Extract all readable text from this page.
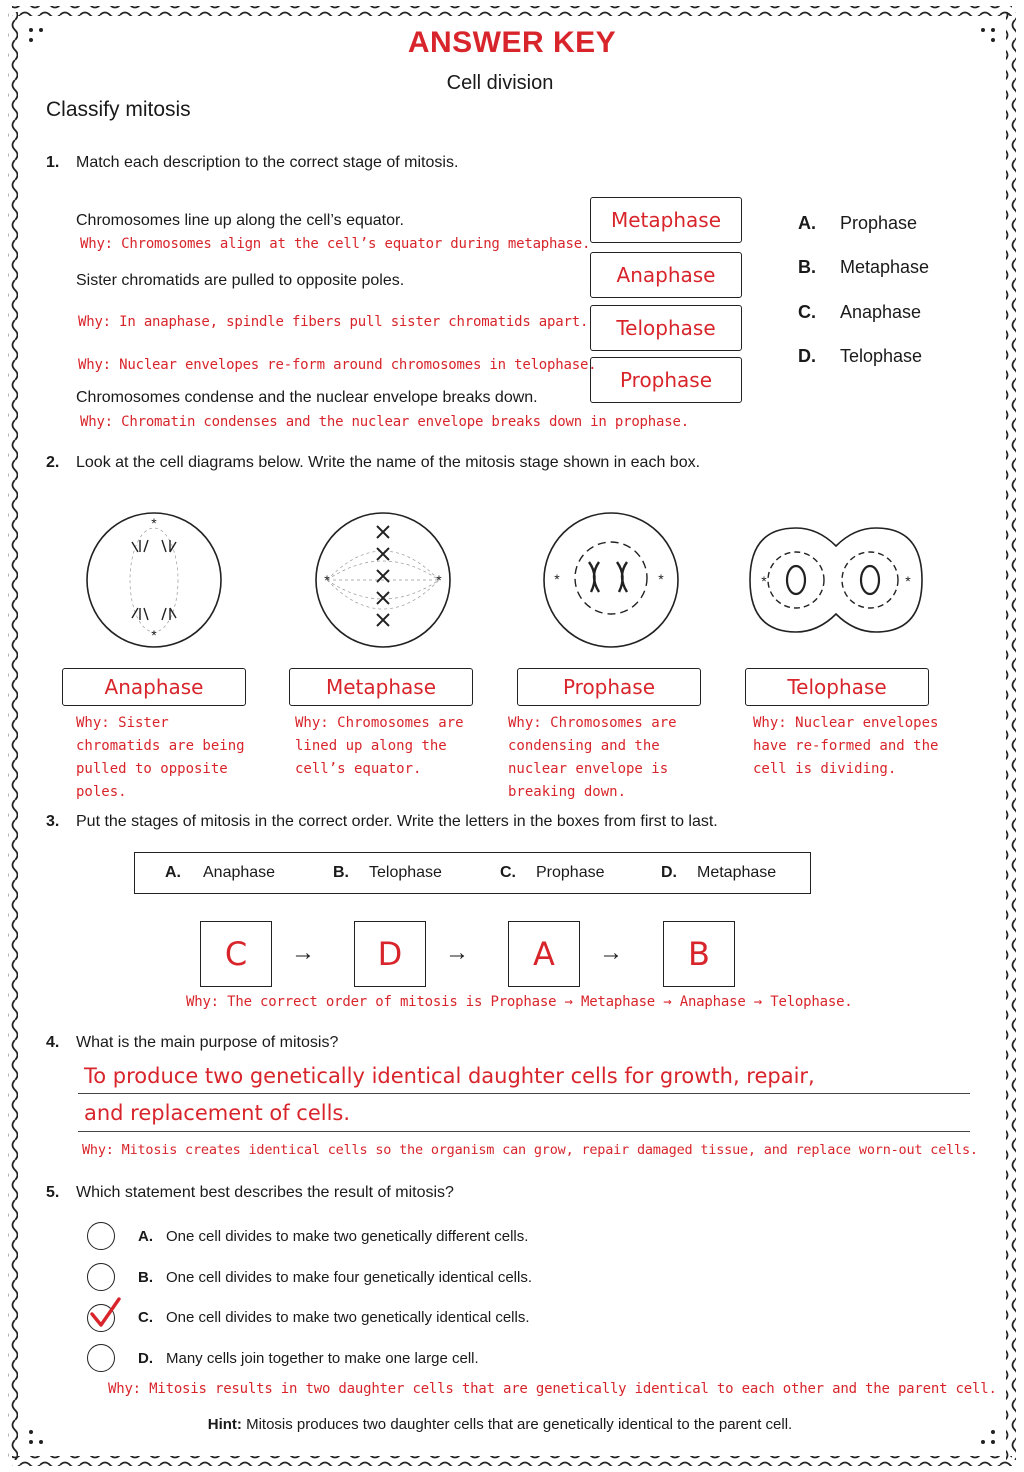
ANSWER KEY
Cell division
Classify mitosis
1. Match each description to the correct stage of mitosis.
Chromosomes line up along the cell’s equator.
Why: Chromosomes align at the cell’s equator during metaphase.
Sister chromatids are pulled to opposite poles.
Why: In anaphase, spindle fibers pull sister chromatids apart.
Why: Nuclear envelopes re-form around chromosomes in telophase.
Chromosomes condense and the nuclear envelope breaks down.
Why: Chromatin condenses and the nuclear envelope breaks down in prophase.
Metaphase
Anaphase
Telophase
Prophase
A. Prophase
B. Metaphase
C. Anaphase
D. Telophase
2. Look at the cell diagrams below. Write the name of the mitosis stage shown in each box.
*
*
*	*	*	*	*	*
Anaphase	Metaphase	Prophase	Telophase
Why: Sister chromatids are being pulled to opposite poles.
Why: Chromosomes are lined up along the cell’s equator.
Why: Chromosomes are condensing and the nuclear envelope is breaking down.
Why: Nuclear envelopes have re-formed and the cell is dividing.
3. Put the stages of mitosis in the correct order. Write the letters in the boxes from first to last.
A. Anaphase	B. Telophase	C. Prophase	D. Metaphase
C	→	D	→	A	→	B
Why: The correct order of mitosis is Prophase → Metaphase → Anaphase → Telophase.
4. What is the main purpose of mitosis?
To produce two genetically identical daughter cells for growth, repair,
and replacement of cells.
Why: Mitosis creates identical cells so the organism can grow, repair damaged tissue, and replace worn-out cells.
5. Which statement best describes the result of mitosis?
A. One cell divides to make two genetically different cells.
B. One cell divides to make four genetically identical cells.
C. One cell divides to make two genetically identical cells.
D. Many cells join together to make one large cell.
Why: Mitosis results in two daughter cells that are genetically identical to each other and the parent cell.
Hint: Mitosis produces two daughter cells that are genetically identical to the parent cell.
